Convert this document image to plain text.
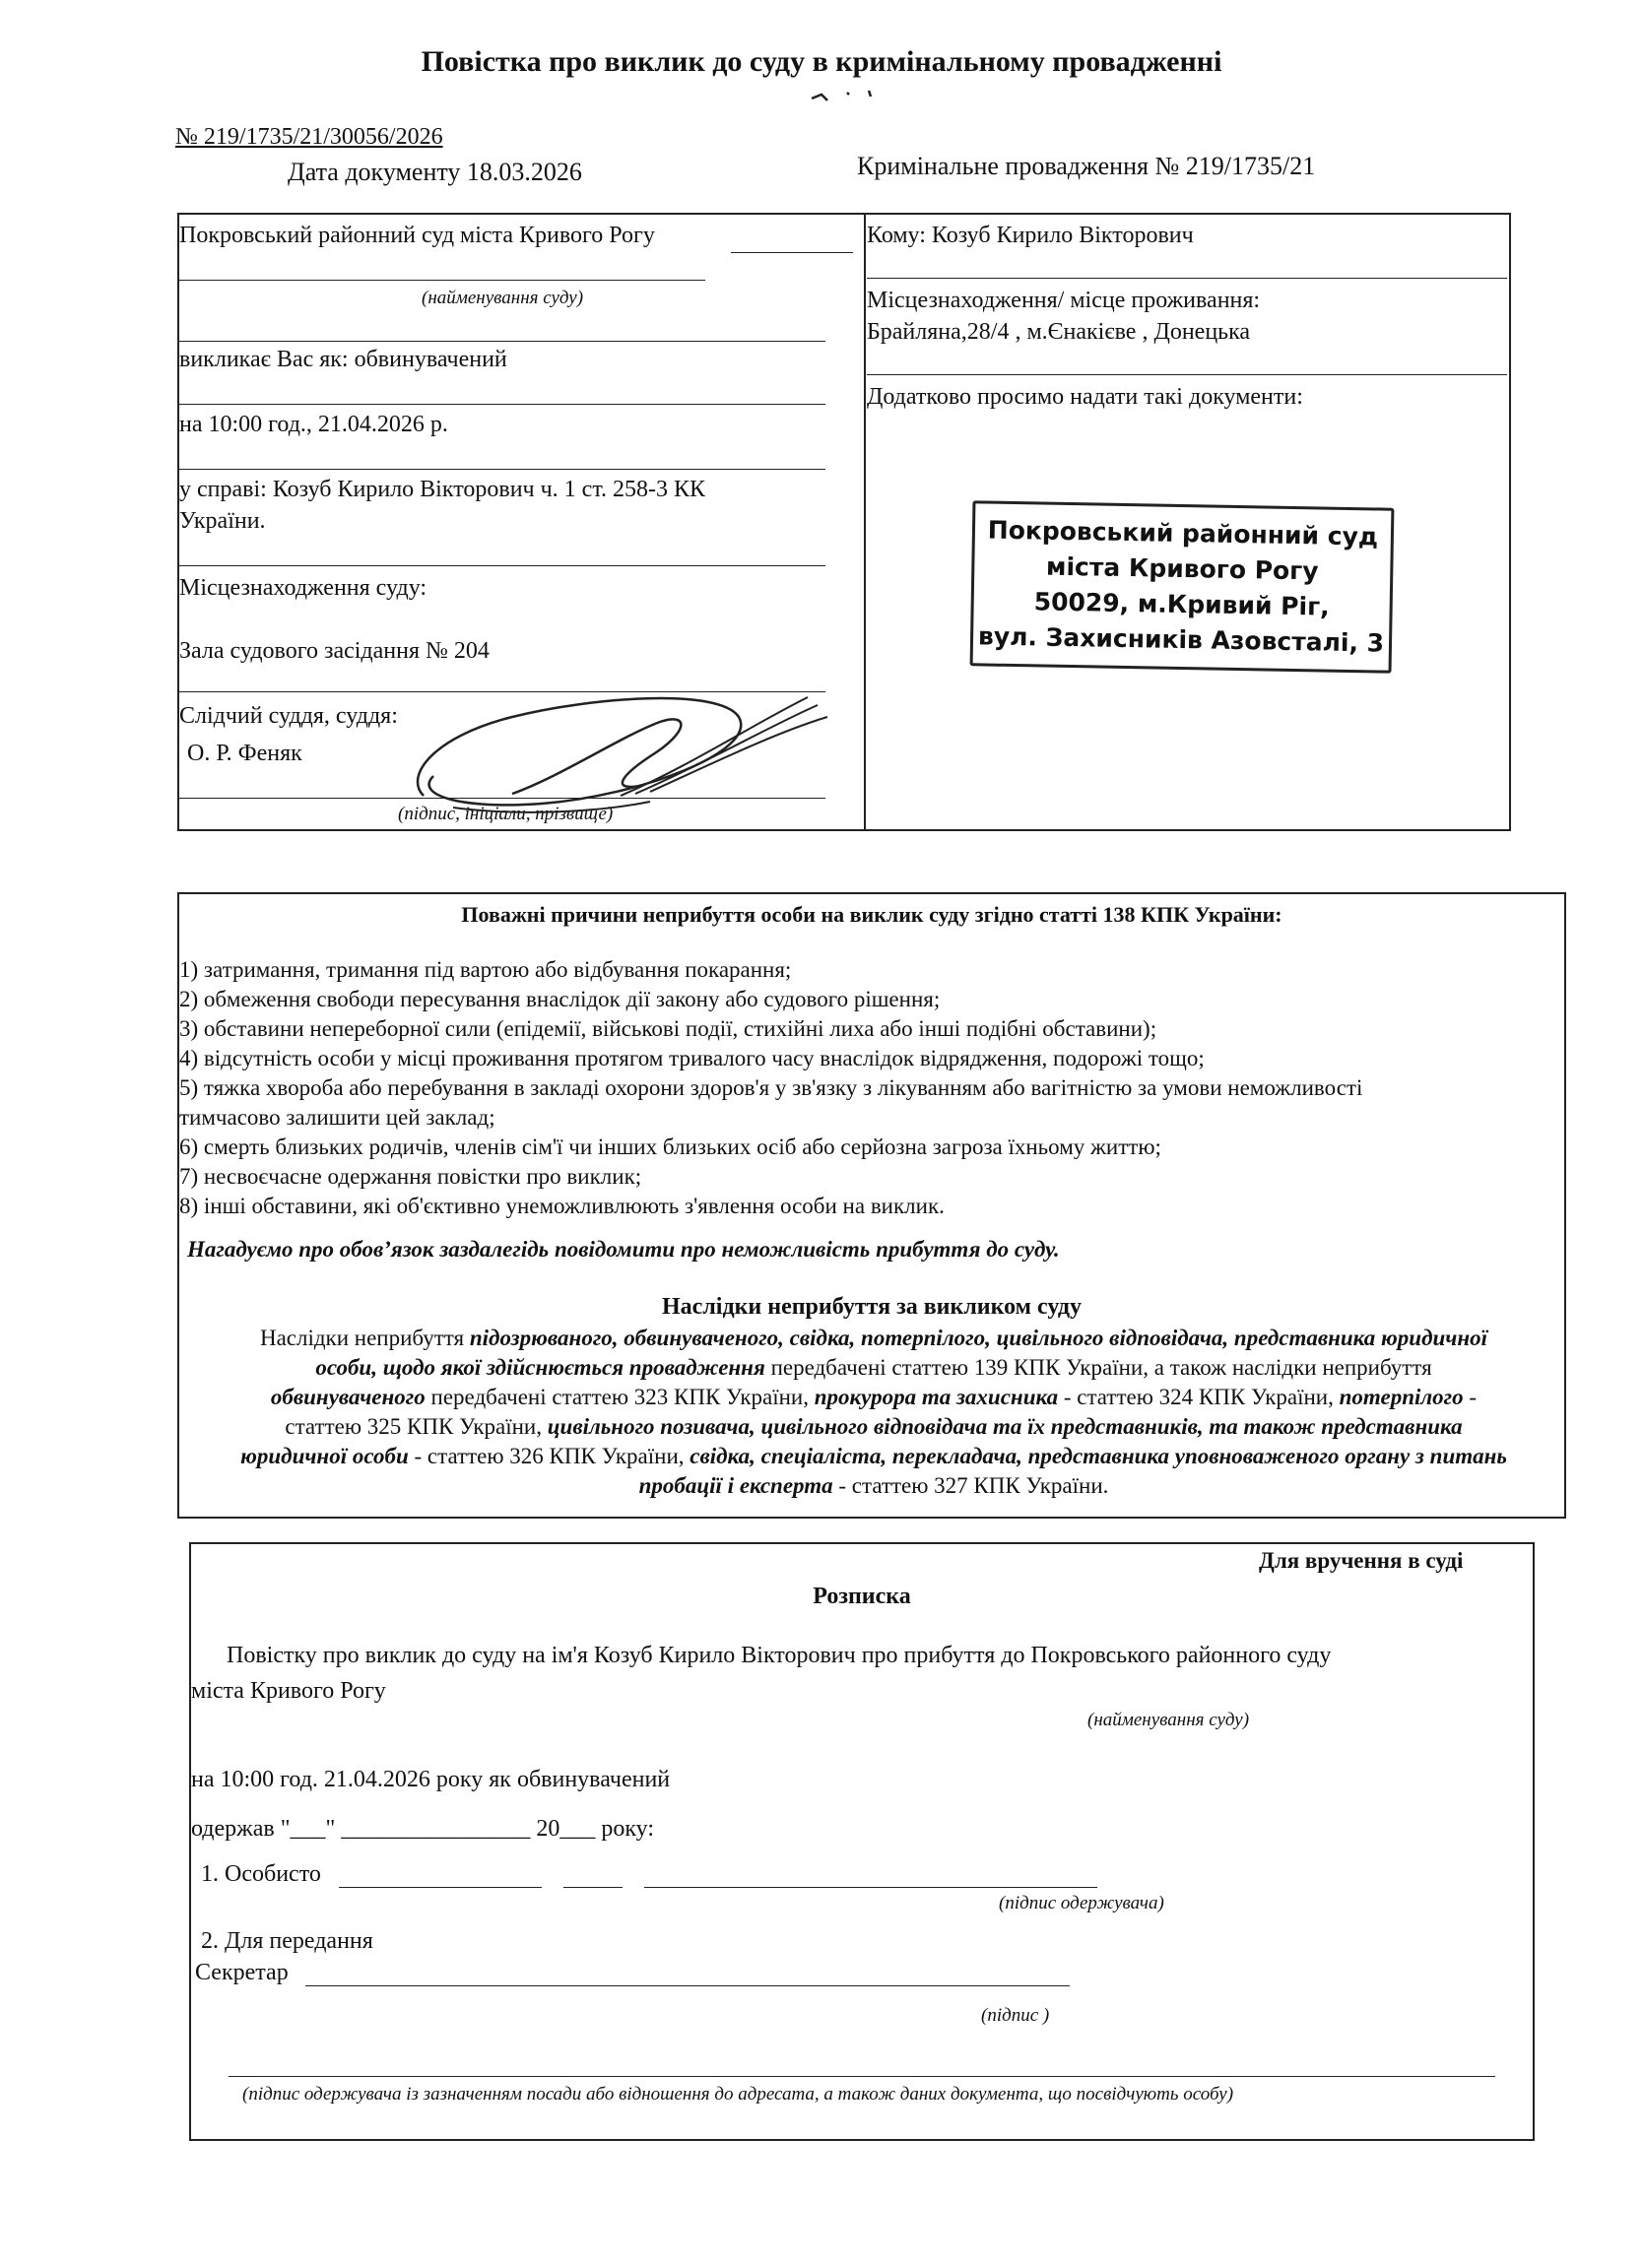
Повістка про виклик до суду в кримінальному провадженні
№ 219/1735/21/30056/2026
Дата документу 18.03.2026	Кримінальне провадження № 219/1735/21
Покровський районний суд міста Кривого Рогу
(найменування суду)
викликає Вас як: обвинувачений
на 10:00 год., 21.04.2026 р.
у справі: Козуб Кирило Вікторович ч. 1 ст. 258-3 КК
України.
Місцезнаходження суду:
Зала судового засідання № 204
Слідчий суддя, суддя:
О. Р. Феняк
(підпис, ініціали, прізвище)
Кому: Козуб Кирило Вікторович
Місцезнаходження/ місце проживання:
Брайляна,28/4 , м.Єнакієве , Донецька
Додатково просимо надати такі документи:
Покровський районний суд
міста Кривого Рогу
50029, м.Кривий Ріг,
вул. Захисників Азовсталі, 3
Поважні причини неприбуття особи на виклик суду згідно статті 138 КПК України:
1) затримання, тримання під вартою або відбування покарання;
2) обмеження свободи пересування внаслідок дії закону або судового рішення;
3) обставини непереборної сили (епідемії, військові події, стихійні лиха або інші подібні обставини);
4) відсутність особи у місці проживання протягом тривалого часу внаслідок відрядження, подорожі тощо;
5) тяжка хвороба або перебування в закладі охорони здоров'я у зв'язку з лікуванням або вагітністю за умови неможливості
тимчасово залишити цей заклад;
6) смерть близьких родичів, членів сім'ї чи інших близьких осіб або серйозна загроза їхньому життю;
7) несвоєчасне одержання повістки про виклик;
8) інші обставини, які об'єктивно унеможливлюють з'явлення особи на виклик.
Нагадуємо про обов’язок заздалегідь повідомити про неможливість прибуття до суду.
Наслідки неприбуття за викликом суду
Наслідки неприбуття підозрюваного, обвинуваченого, свідка, потерпілого, цивільного відповідача, представника юридичної
особи, щодо якої здійснюється провадження передбачені статтею 139 КПК України, а також наслідки неприбуття
обвинуваченого передбачені статтею 323 КПК України, прокурора та захисника - статтею 324 КПК України, потерпілого -
статтею 325 КПК України, цивільного позивача, цивільного відповідача та їх представників, та також представника
юридичної особи - статтею 326 КПК України, свідка, спеціаліста, перекладача, представника уповноваженого органу з питань
пробації і експерта - статтею 327 КПК України.
Для вручення в суді
Розписка
Повістку про виклик до суду на ім'я Козуб Кирило Вікторович про прибуття до Покровського районного суду
міста Кривого Рогу
(найменування суду)
на 10:00 год. 21.04.2026 року як обвинувачений
одержав "___" ________________ 20___ року:
1. Особисто
(підпис одержувача)
2. Для передання
Секретар
(підпис )
(підпис одержувача із зазначенням посади або відношення до адресата, а також даних документа, що посвідчують особу)
